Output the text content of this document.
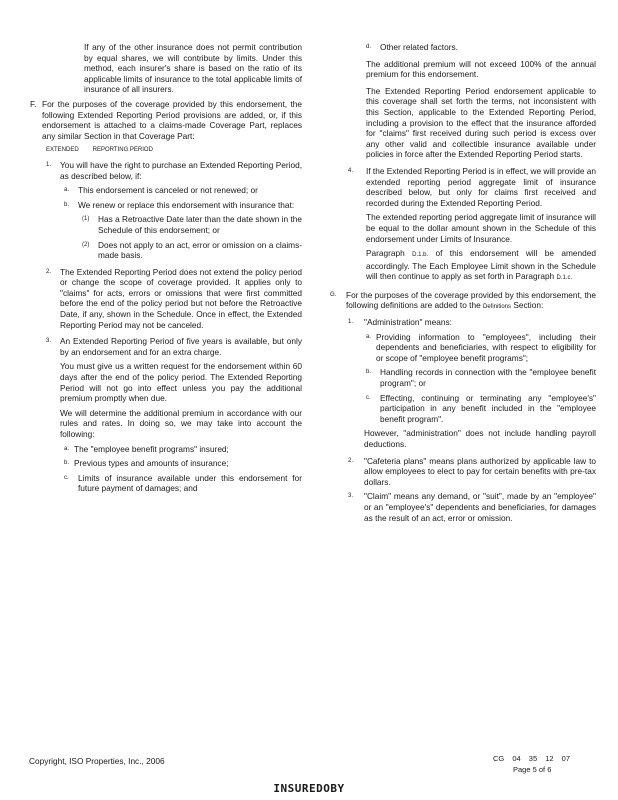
If any of the other insurance does not permit contribution by equal shares, we will contribute by limits. Under this method, each insurer's share is based on the ratio of its applicable limits of insurance to the total applicable limits of insurance of all insurers.

F. For the purposes of the coverage provided by this endorsement, the following Extended Reporting Period provisions are added, or, if this endorsement is attached to a claims-made Coverage Part, replaces any similar Section in that Coverage Part:

EXTENDED REPORTING PERIOD
1. You will have the right to purchase an Extended Reporting Period, as described below, if:

a. This endorsement is canceled or not renewed; or

b. We renew or replace this endorsement with insurance that:

(1) Has a Retroactive Date later than the date shown in the Schedule of this endorsement; or

(2) Does not apply to an act, error or omission on a claims-made basis.

2. The Extended Reporting Period does not extend the policy period or change the scope of coverage provided. It applies only to "claims" for acts, errors or omissions that were first committed before the end of the policy period but not before the Retroactive Date, if any, shown in the Schedule. Once in effect, the Extended Reporting Period may not be canceled.

3. An Extended Reporting Period of five years is available, but only by an endorsement and for an extra charge.

You must give us a written request for the endorsement within 60 days after the end of the policy period. The Extended Reporting Period will not go into effect unless you pay the additional premium promptly when due.

We will determine the additional premium in accordance with our rules and rates. In doing so, we may take into account the following:

a. The "employee benefit programs" insured;

b. Previous types and amounts of insurance;

c. Limits of insurance available under this endorsement for future payment of damages; and

d.	Other related factors.

The additional premium will not exceed 100% of the annual premium for this endorsement.

The Extended Reporting Period endorsement applicable to this coverage shall set forth the terms, not inconsistent with this Section, applicable to the Extended Reporting Period, including a provision to the effect that the insurance afforded for "claims" first received during such period is excess over any other valid and collectible insurance available under policies in force after the Extended Reporting Period starts.

4. If the Extended Reporting Period is in effect, we will provide an extended reporting period aggregate limit of insurance described below, but only for claims first received and recorded during the Extended Reporting Period.

The extended reporting period aggregate limit of insurance will be equal to the dollar amount shown in the Schedule of this endorsement under Limits of Insurance.

Paragraph D.1.b. of this endorsement will be amended accordingly. The Each Employee Limit shown in the Schedule will then continue to apply as set forth in Paragraph D.1.c.

G. For the purposes of the coverage provided by this endorsement, the following definitions are added to the Definitions Section:

1. "Administration" means:

a. Providing information to "employees", including their dependents and beneficiaries, with respect to eligibility for or scope of "employee benefit programs";

b. Handling records in connection with the "employee benefit program"; or

c. Effecting, continuing or terminating any "employee's" participation in any benefit included in the "employee benefit program".

However, "administration" does not include handling payroll deductions.

2. "Cafeteria plans" means plans authorized by applicable law to allow employees to elect to pay for certain benefits with pre-tax dollars.

3. "Claim" means any demand, or "suit", made by an "employee" or an "employee's" dependents and beneficiaries, for damages as the result of an act, error or omission.

Copyright, ISO Properties, Inc., 2006	CG 04 35 12 07
Page 5 of 6
INSUREDOBY
